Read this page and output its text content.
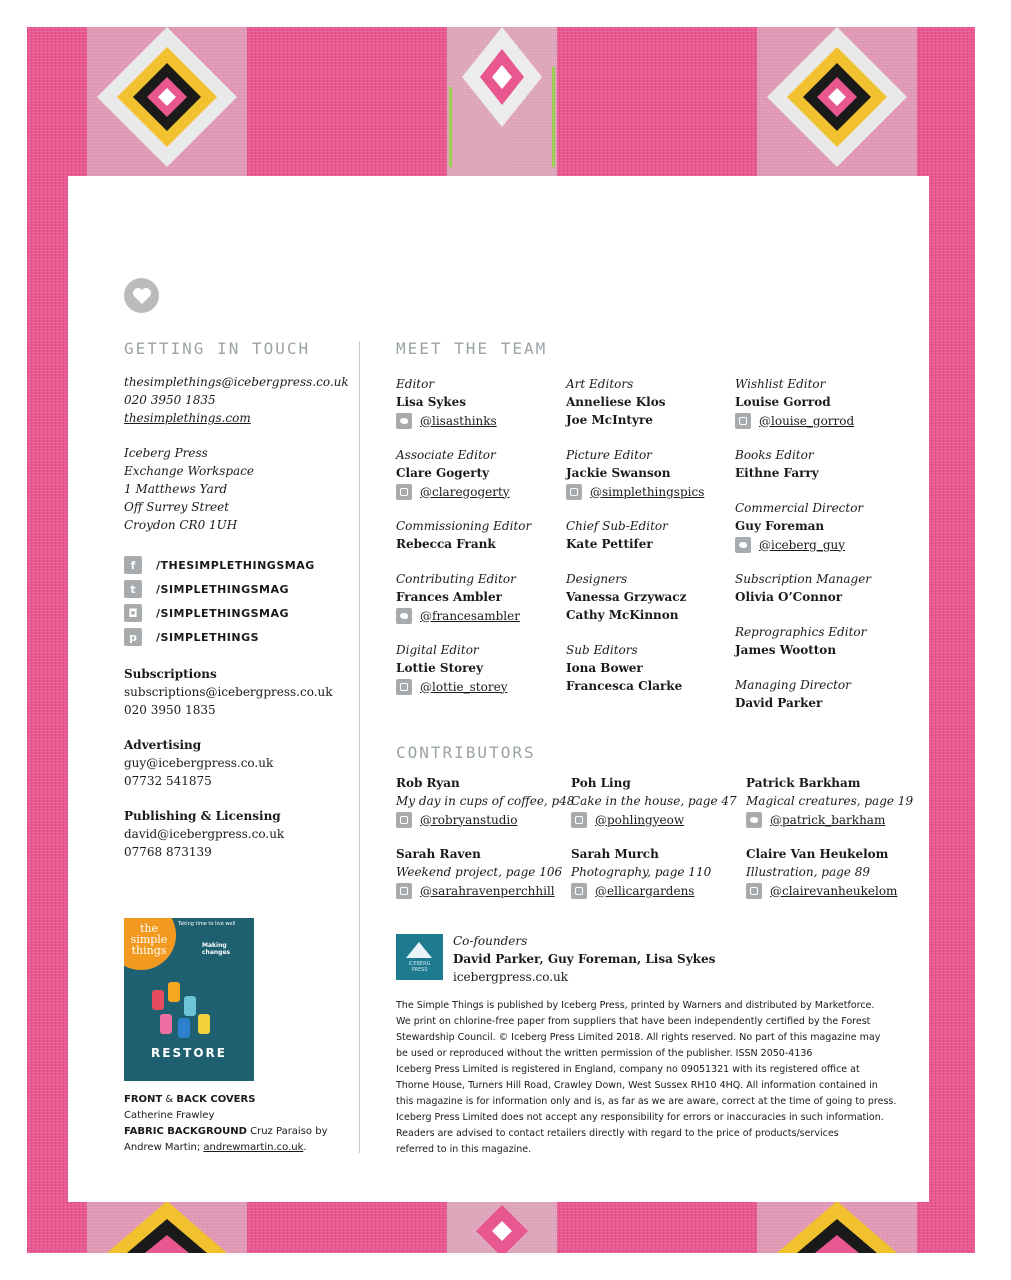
GETTING IN TOUCH
thesimplethings@icebergpress.co.uk
020 3950 1835
thesimplethings.com
Iceberg Press
Exchange Workspace
1 Matthews Yard
Off Surrey Street
Croydon CR0 1UH
f	/THESIMPLETHINGSMAG
t	/SIMPLETHINGSMAG
◘	/SIMPLETHINGSMAG
p	/SIMPLETHINGS
Subscriptions
subscriptions@icebergpress.co.uk
020 3950 1835
Advertising
guy@icebergpress.co.uk
07732 541875
Publishing & Licensing
david@icebergpress.co.uk
07768 873139
the
simple
things
Taking time to live well
Making
changes
RESTORE
FRONT & BACK COVERS
Catherine Frawley
FABRIC BACKGROUND Cruz Paraiso by
Andrew Martin; andrewmartin.co.uk.
MEET THE TEAM
Editor
Lisa Sykes
@lisasthinks
Associate Editor
Clare Gogerty
@claregogerty
Commissioning Editor
Rebecca Frank
Contributing Editor
Frances Ambler
@francesambler
Digital Editor
Lottie Storey
@lottie_storey
Art Editors
Anneliese Klos
Joe McIntyre
Picture Editor
Jackie Swanson
@simplethingspics
Chief Sub-Editor
Kate Pettifer
Designers
Vanessa Grzywacz
Cathy McKinnon
Sub Editors
Iona Bower
Francesca Clarke
Wishlist Editor
Louise Gorrod
@louise_gorrod
Books Editor
Eithne Farry
Commercial Director
Guy Foreman
@iceberg_guy
Subscription Manager
Olivia O’Connor
Reprographics Editor
James Wootton
Managing Director
David Parker
CONTRIBUTORS
Rob Ryan
My day in cups of coffee, p48
@robryanstudio
Poh Ling
Cake in the house, page 47
@pohlingyeow
Patrick Barkham
Magical creatures, page 19
@patrick_barkham
Sarah Raven
Weekend project, page 106
@sarahravenperchhill
Sarah Murch
Photography, page 110
@ellicargardens
Claire Van Heukelom
Illustration, page 89
@clairevanheukelom
ICEBERG
PRESS
Co-founders
David Parker, Guy Foreman, Lisa Sykes
icebergpress.co.uk
The Simple Things is published by Iceberg Press, printed by Warners and distributed by Marketforce.
We print on chlorine-free paper from suppliers that have been independently certified by the Forest
Stewardship Council. © Iceberg Press Limited 2018. All rights reserved. No part of this magazine may
be used or reproduced without the written permission of the publisher. ISSN 2050-4136
Iceberg Press Limited is registered in England, company no 09051321 with its registered office at
Thorne House, Turners Hill Road, Crawley Down, West Sussex RH10 4HQ. All information contained in
this magazine is for information only and is, as far as we are aware, correct at the time of going to press.
Iceberg Press Limited does not accept any responsibility for errors or inaccuracies in such information.
Readers are advised to contact retailers directly with regard to the price of products/services
referred to in this magazine.
